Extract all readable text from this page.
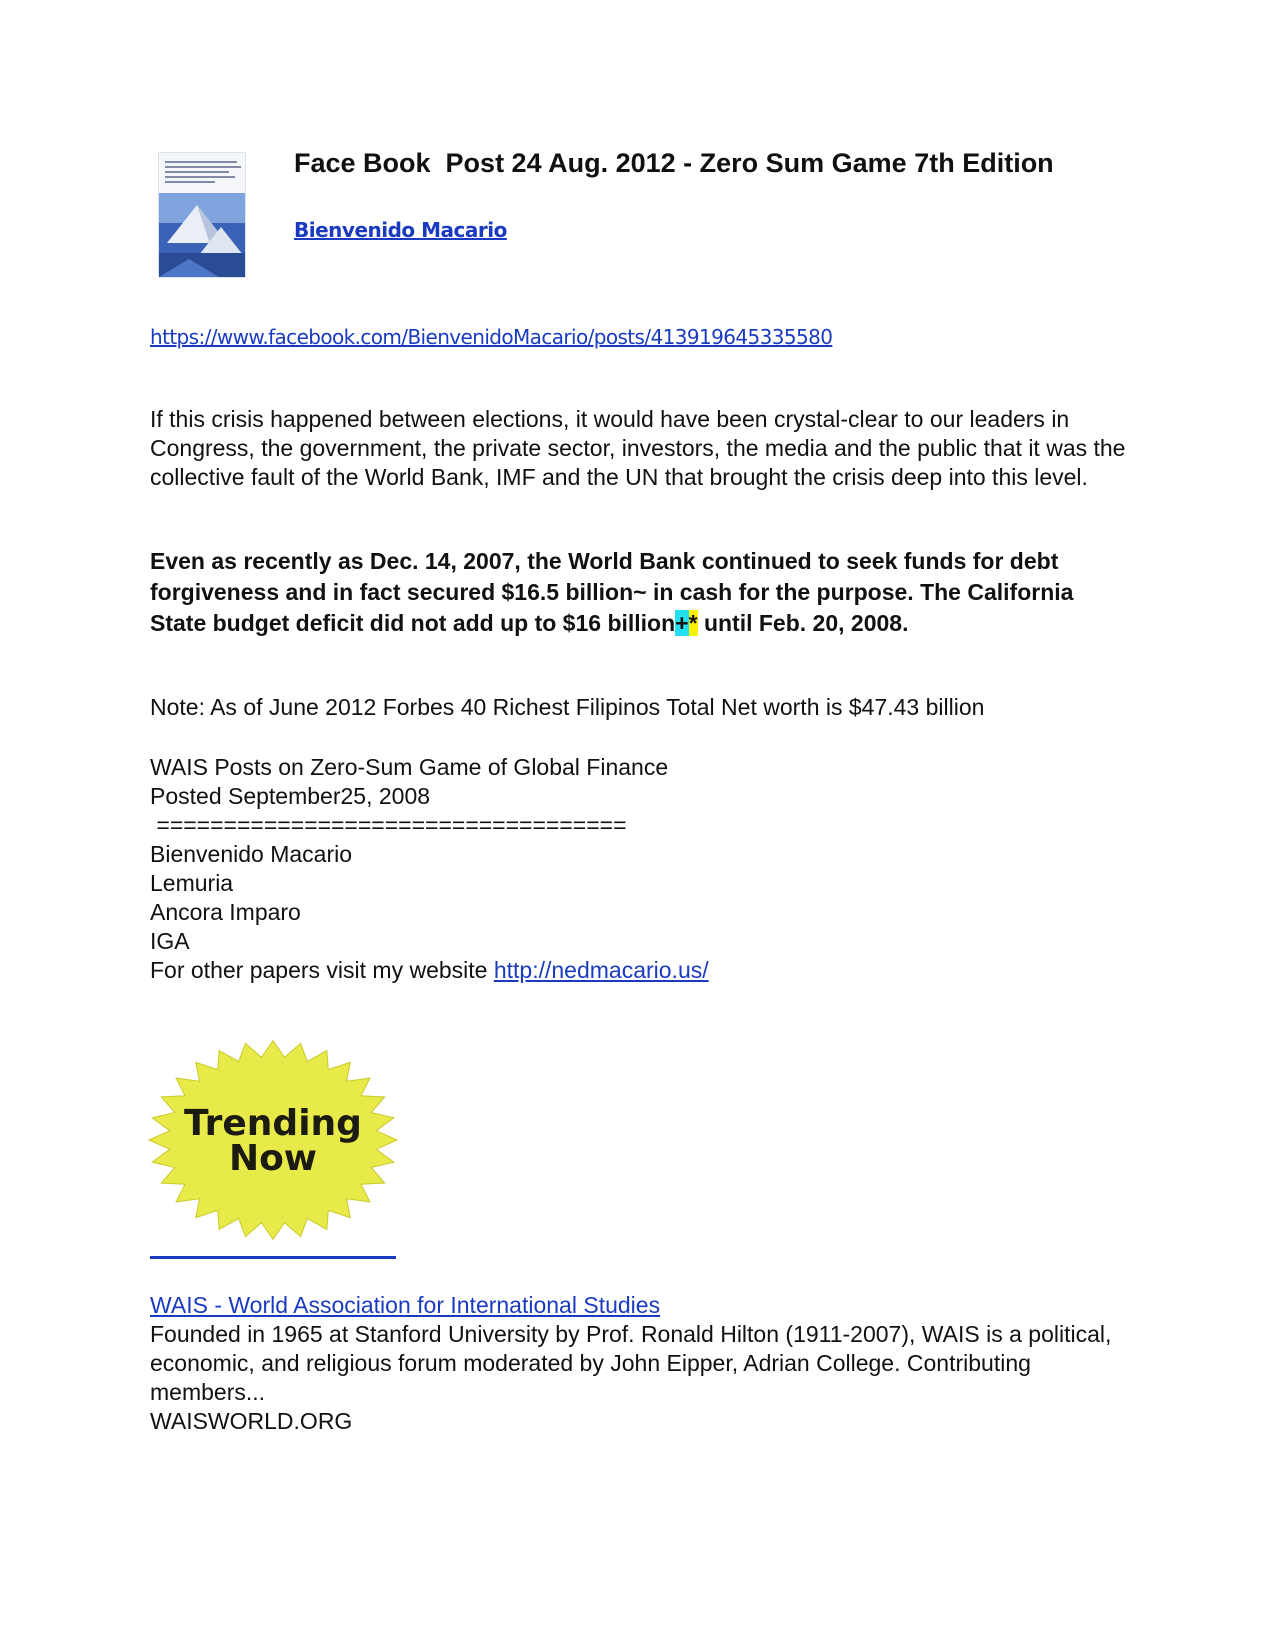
Face Book  Post 24 Aug. 2012 - Zero Sum Game 7th Edition
Bienvenido Macario
https://www.facebook.com/BienvenidoMacario/posts/413919645335580
If this crisis happened between elections, it would have been crystal-clear to our leaders in Congress, the government, the private sector, investors, the media and the public that it was the collective fault of the World Bank, IMF and the UN that brought the crisis deep into this level.
Even as recently as Dec. 14, 2007, the World Bank continued to seek funds for debt forgiveness and in fact secured $16.5 billion~ in cash for the purpose. The California State budget deficit did not add up to $16 billion+* until Feb. 20, 2008.
Note: As of June 2012 Forbes 40 Richest Filipinos Total Net worth is $47.43 billion
WAIS Posts on Zero-Sum Game of Global Finance
Posted September25, 2008
===================================
Bienvenido Macario
Lemuria
Ancora Imparo
IGA
For other papers visit my website http://nedmacario.us/
Trending
Now
WAIS - World Association for International Studies
Founded in 1965 at Stanford University by Prof. Ronald Hilton (1911-2007), WAIS is a political, economic, and religious forum moderated by John Eipper, Adrian College. Contributing members...
WAISWORLD.ORG
